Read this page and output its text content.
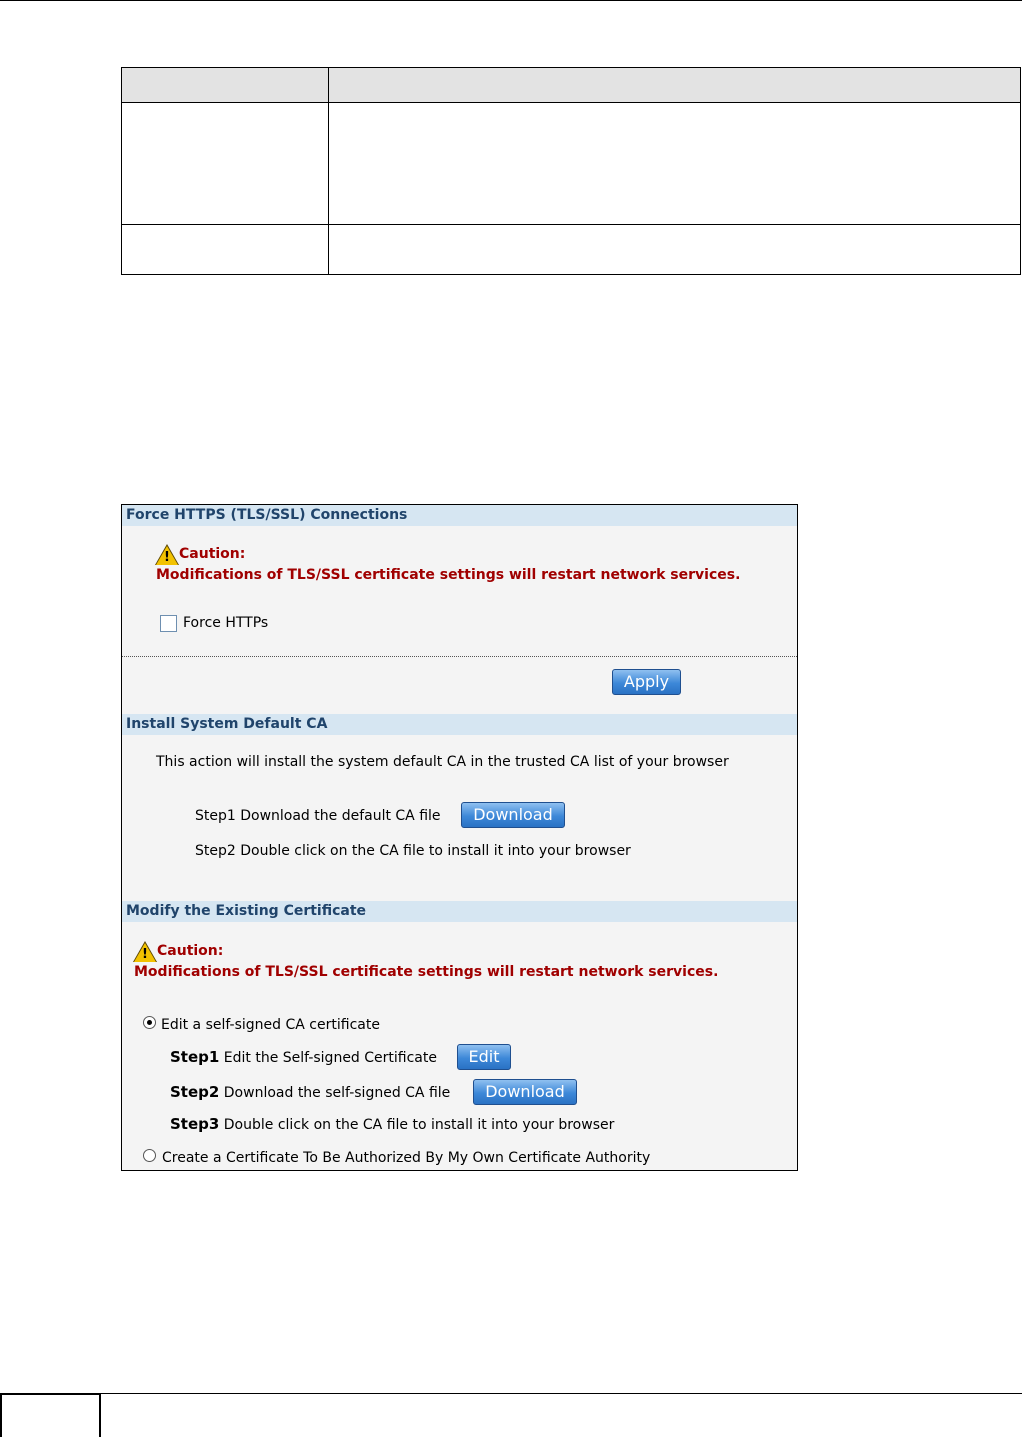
Force HTTPS (TLS/SSL) Connections
! Caution:
Modifications of TLS/SSL certificate settings will restart network services.
Force HTTPs
Apply
Install System Default CA
This action will install the system default CA in the trusted CA list of your browser
Step1 Download the default CA file	Download
Step2 Double click on the CA file to install it into your browser
Modify the Existing Certificate
! Caution:
Modifications of TLS/SSL certificate settings will restart network services.
Edit a self-signed CA certificate
Step1 Edit the Self-signed Certificate	Edit
Step2 Download the self-signed CA file	Download
Step3 Double click on the CA file to install it into your browser
Create a Certificate To Be Authorized By My Own Certificate Authority
